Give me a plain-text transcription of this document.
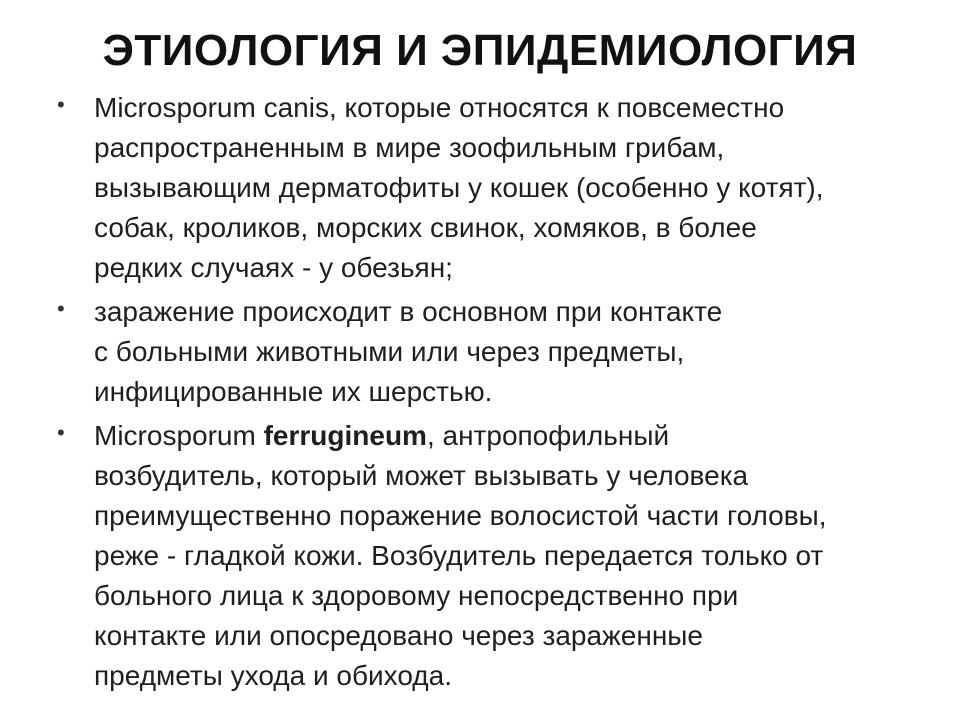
ЭТИОЛОГИЯ И ЭПИДЕМИОЛОГИЯ
• Microsporum canis, которые относятся к повсеместно
распространенным в мире зоофильным грибам,
вызывающим дерматофиты у кошек (особенно у котят),
собак, кроликов, морских свинок, хомяков, в более
редких случаях - у обезьян;
• заражение происходит в основном при контакте
с больными животными или через предметы,
инфицированные их шерстью.
• Microsporum ferrugineum, антропофильный
возбудитель, который может вызывать у человека
преимущественно поражение волосистой части головы,
реже - гладкой кожи. Возбудитель передается только от
больного лица к здоровому непосредственно при
контакте или опосредовано через зараженные
предметы ухода и обихода.
